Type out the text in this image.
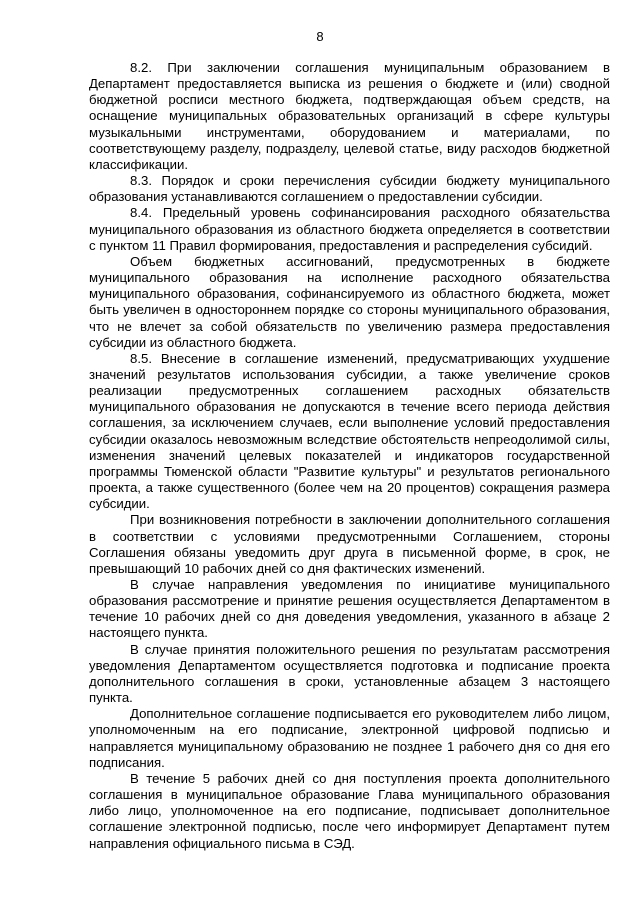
8

8.2. При заключении соглашения муниципальным образованием в Департамент предоставляется выписка из решения о бюджете и (или) сводной бюджетной росписи местного бюджета, подтверждающая объем средств, на оснащение муниципальных образовательных организаций в сфере культуры музыкальными инструментами, оборудованием и материалами, по соответствующему разделу, подразделу, целевой статье, виду расходов бюджетной классификации.

8.3. Порядок и сроки перечисления субсидии бюджету муниципального образования устанавливаются соглашением о предоставлении субсидии.

8.4. Предельный уровень софинансирования расходного обязательства муниципального образования из областного бюджета определяется в соответствии с пунктом 11 Правил формирования, предоставления и распределения субсидий.

Объем бюджетных ассигнований, предусмотренных в бюджете муниципального образования на исполнение расходного обязательства муниципального образования, софинансируемого из областного бюджета, может быть увеличен в одностороннем порядке со стороны муниципального образования, что не влечет за собой обязательств по увеличению размера предоставления субсидии из областного бюджета.

8.5. Внесение в соглашение изменений, предусматривающих ухудшение значений результатов использования субсидии, а также увеличение сроков реализации предусмотренных соглашением расходных обязательств муниципального образования не допускаются в течение всего периода действия соглашения, за исключением случаев, если выполнение условий предоставления субсидии оказалось невозможным вследствие обстоятельств непреодолимой силы, изменения значений целевых показателей и индикаторов государственной программы Тюменской области "Развитие культуры" и результатов регионального проекта, а также существенного (более чем на 20 процентов) сокращения размера субсидии.

При возникновения потребности в заключении дополнительного соглашения в соответствии с условиями предусмотренными Соглашением, стороны Соглашения обязаны уведомить друг друга в письменной форме, в срок, не превышающий 10 рабочих дней со дня фактических изменений.

В случае направления уведомления по инициативе муниципального образования рассмотрение и принятие решения осуществляется Департаментом в течение 10 рабочих дней со дня доведения уведомления, указанного в абзаце 2 настоящего пункта.

В случае принятия положительного решения по результатам рассмотрения уведомления Департаментом осуществляется подготовка и подписание проекта дополнительного соглашения в сроки, установленные абзацем 3 настоящего пункта.

Дополнительное соглашение подписывается его руководителем либо лицом, уполномоченным на его подписание, электронной цифровой подписью и направляется муниципальному образованию не позднее 1 рабочего дня со дня его подписания.

В течение 5 рабочих дней со дня поступления проекта дополнительного соглашения в муниципальное образование Глава муниципального образования либо лицо, уполномоченное на его подписание, подписывает дополнительное соглашение электронной подписью, после чего информирует Департамент путем направления официального письма в СЭД.
